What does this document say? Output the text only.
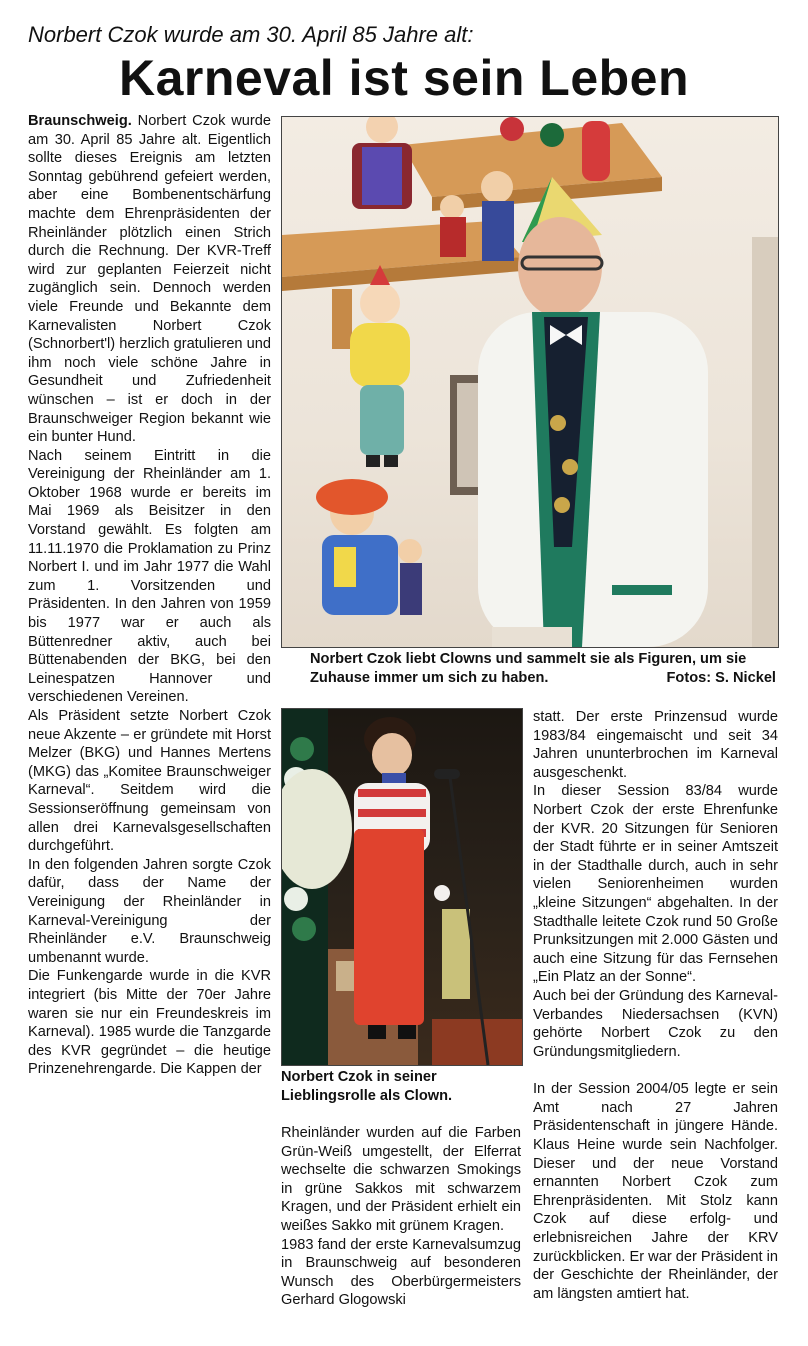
Norbert Czok wurde am 30. April 85 Jahre alt:
Karneval ist sein Leben

Braunschweig. Norbert Czok wurde am 30. April 85 Jahre alt. Eigentlich sollte dieses Ereignis am letzten Sonntag gebührend gefeiert werden, aber eine Bombenentschärfung machte dem Ehrenpräsidenten der Rheinländer plötzlich einen Strich durch die Rechnung. Der KVR-Treff wird zur geplanten Feierzeit nicht zugänglich sein. Dennoch werden viele Freunde und Bekannte dem Karnevalisten Norbert Czok (Schnorbert'l) herzlich gratulieren und ihm noch viele schöne Jahre in Gesundheit und Zufriedenheit wünschen – ist er doch in der Braunschweiger Region bekannt wie ein bunter Hund.

Nach seinem Eintritt in die Vereinigung der Rheinländer am 1. Oktober 1968 wurde er bereits im Mai 1969 als Beisitzer in den Vorstand gewählt. Es folgten am 11.11.1970 die Proklamation zu Prinz Norbert I. und im Jahr 1977 die Wahl zum 1. Vorsitzenden und Präsidenten. In den Jahren von 1959 bis 1977 war er auch als Büttenredner aktiv, auch bei Büttenabenden der BKG, bei den Leinespatzen Hannover und verschiedenen Vereinen.

Als Präsident setzte Norbert Czok neue Akzente – er gründete mit Horst Melzer (BKG) und Hannes Mertens (MKG) das „Komitee Braunschweiger Karneval“. Seitdem wird die Sessionseröffnung gemeinsam von allen drei Karnevalsgesellschaften durchgeführt.

In den folgenden Jahren sorgte Czok dafür, dass der Name der Vereinigung der Rheinländer in Karneval-Vereinigung der Rheinländer e.V. Braunschweig umbenannt wurde.

Die Funkengarde wurde in die KVR integriert (bis Mitte der 70er Jahre waren sie nur ein Freundeskreis im Karneval). 1985 wurde die Tanzgarde des KVR gegründet – die heutige Prinzenehrengarde. Die Kappen der

Norbert Czok liebt Clowns und sammelt sie als Figuren, um sie Zuhause immer um sich zu haben.	Fotos: S. Nickel
Norbert Czok in seiner Lieblingsrolle als Clown.

Rheinländer wurden auf die Farben Grün-Weiß umgestellt, der Elferrat wechselte die schwarzen Smokings in grüne Sakkos mit schwarzem Kragen, und der Präsident erhielt ein weißes Sakko mit grünem Kragen.

1983 fand der erste Karnevalsumzug in Braunschweig auf besonderen Wunsch des Oberbürgermeisters Gerhard Glogowski

statt. Der erste Prinzensud wurde 1983/84 eingemaischt und seit 34 Jahren ununterbrochen im Karneval ausgeschenkt.

In dieser Session 83/84 wurde Norbert Czok der erste Ehrenfunke der KVR. 20 Sitzungen für Senioren der Stadt führte er in seiner Amtszeit in der Stadthalle durch, auch in sehr vielen Seniorenheimen wurden „kleine Sitzungen“ abgehalten. In der Stadthalle leitete Czok rund 50 Große Prunksitzungen mit 2.000 Gästen und auch eine Sitzung für das Fernsehen „Ein Platz an der Sonne“.

Auch bei der Gründung des Karneval-Verbandes Niedersachsen (KVN) gehörte Norbert Czok zu den Gründungsmitgliedern.

In der Session 2004/05 legte er sein Amt nach 27 Jahren Präsidentenschaft in jüngere Hände. Klaus Heine wurde sein Nachfolger. Dieser und der neue Vorstand ernannten Norbert Czok zum Ehrenpräsidenten. Mit Stolz kann Czok auf diese erfolg- und erlebnisreichen Jahre der KRV zurückblicken. Er war der Präsident in der Geschichte der Rheinländer, der am längsten amtiert hat.
